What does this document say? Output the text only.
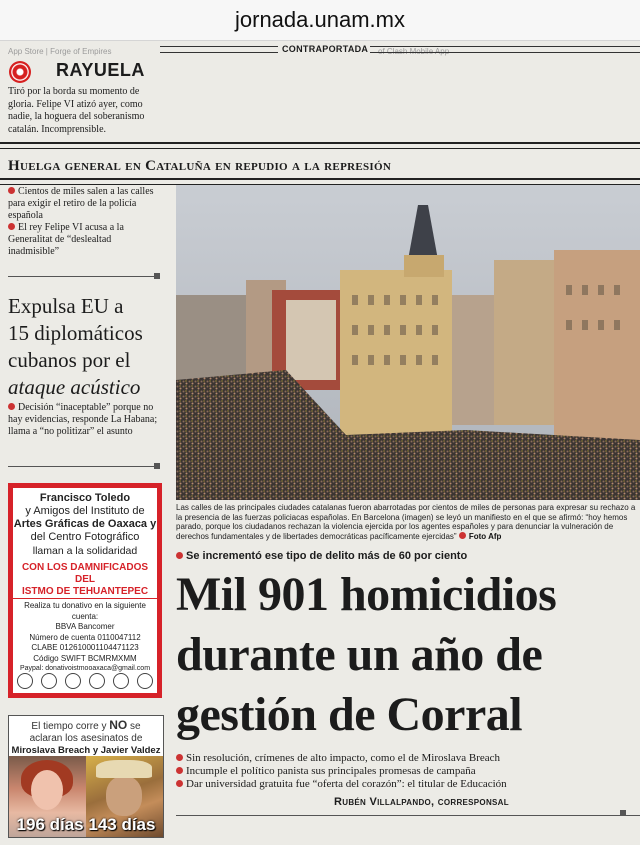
jornada.unam.mx
App Store | Forge of Empires	of Clash Mobile App
CONTRAPORTADA
RAYUELA
Tiró por la borda su momento de gloria. Felipe VI atizó ayer, como nadie, la hoguera del soberanismo catalán. Incomprensible.
Huelga general en Cataluña en repudio a la represión

Cientos de miles salen a las calles para exigir el retiro de la policía española

El rey Felipe VI acusa a la Generalitat de “deslealtad inadmisible”

Expulsa EU a
15 diplomáticos
cubanos por el
ataque acústico
Decisión “inaceptable” porque no hay evidencias, responde La Habana; llama a “no politizar” el asunto
Francisco Toledo
y Amigos del Instituto de
Artes Gráficas de Oaxaca y
del Centro Fotográfico
llaman a la solidaridad
CON LOS DAMNIFICADOS DEL
ISTMO DE TEHUANTEPEC
Realiza tu donativo en la siguiente cuenta:
BBVA Bancomer
Número de cuenta 0110047112
CLABE 012610001104471123
Código SWIFT BCMRMXMM
Paypal: donativoistmooaxaca@gmail.com
El tiempo corre y NO se
aclaran los asesinatos de
Miroslava Breach y Javier Valdez
196 días 143 días
Las calles de las principales ciudades catalanas fueron abarrotadas por cientos de miles de personas para expresar su rechazo a la presencia de las fuerzas policiacas españolas. En Barcelona (imagen) se leyó un manifiesto en el que se afirmó: “hoy hemos parado, porque los ciudadanos rechazan la violencia ejercida por los agentes españoles y para denunciar la vulneración de derechos fundamentales y de libertades democráticas pacíficamente ejercidas” Foto Afp
Se incrementó ese tipo de delito más de 60 por ciento
Mil 901 homicidios durante un año de gestión de Corral

Sin resolución, crímenes de alto impacto, como el de Miroslava Breach

Incumple el político panista sus principales promesas de campaña

Dar universidad gratuita fue “oferta del corazón”: el titular de Educación

Rubén Villalpando, corresponsal
